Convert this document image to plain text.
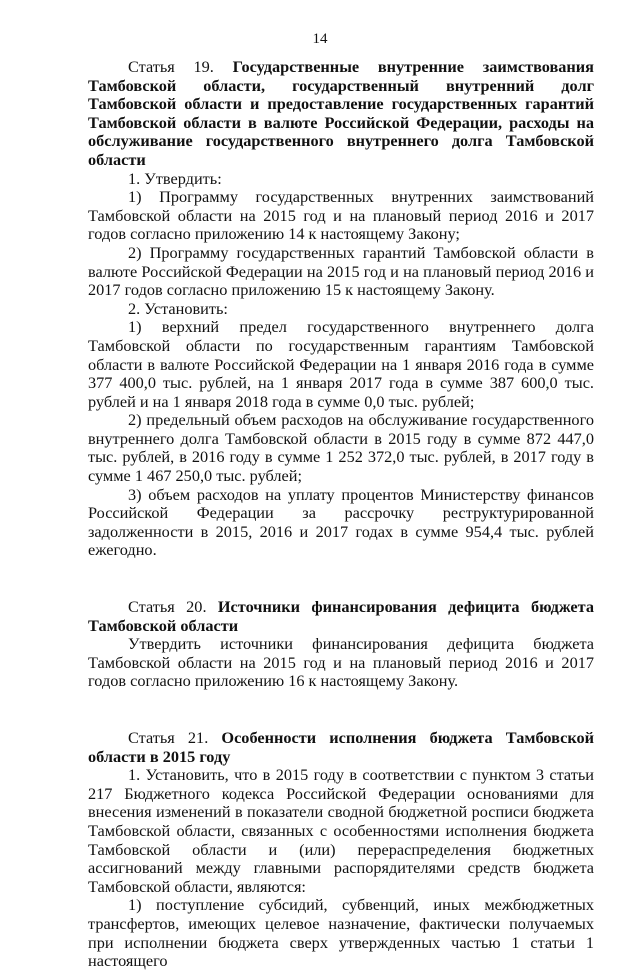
14

Статья 19. Государственные внутренние заимствования Тамбовской области, государственный внутренний долг Тамбовской области и предоставление государственных гарантий Тамбовской области в валюте Российской Федерации, расходы на обслуживание государственного внутреннего долга Тамбовской области

1. Утвердить:

1) Программу государственных внутренних заимствований Тамбовской области на 2015 год и на плановый период 2016 и 2017 годов согласно приложению 14 к настоящему Закону;

2) Программу государственных гарантий Тамбовской области в валюте Российской Федерации на 2015 год и на плановый период 2016 и 2017 годов согласно приложению 15 к настоящему Закону.

2. Установить:

1) верхний предел государственного внутреннего долга Тамбовской области по государственным гарантиям Тамбовской области в валюте Российской Федерации на 1 января 2016 года в сумме 377 400,0 тыс. рублей, на 1 января 2017 года в сумме 387 600,0 тыс. рублей и на 1 января 2018 года в сумме 0,0 тыс. рублей;

2) предельный объем расходов на обслуживание государственного внутреннего долга Тамбовской области в 2015 году в сумме 872 447,0 тыс. рублей, в 2016 году в сумме 1 252 372,0 тыс. рублей, в 2017 году в сумме 1 467 250,0 тыс. рублей;

3) объем расходов на уплату процентов Министерству финансов Российской Федерации за рассрочку реструктурированной задолженности в 2015, 2016 и 2017 годах в сумме 954,4 тыс. рублей ежегодно.

Статья 20. Источники финансирования дефицита бюджета Тамбовской области

Утвердить источники финансирования дефицита бюджета Тамбовской области на 2015 год и на плановый период 2016 и 2017 годов согласно приложению 16 к настоящему Закону.

Статья 21. Особенности исполнения бюджета Тамбовской области в 2015 году

1. Установить, что в 2015 году в соответствии с пунктом 3 статьи 217 Бюджетного кодекса Российской Федерации основаниями для внесения изменений в показатели сводной бюджетной росписи бюджета Тамбовской области, связанных с особенностями исполнения бюджета Тамбовской области и (или) перераспределения бюджетных ассигнований между главными распорядителями средств бюджета Тамбовской области, являются:

1) поступление субсидий, субвенций, иных межбюджетных трансфертов, имеющих целевое назначение, фактически получаемых при исполнении бюджета сверх утвержденных частью 1 статьи 1 настоящего
